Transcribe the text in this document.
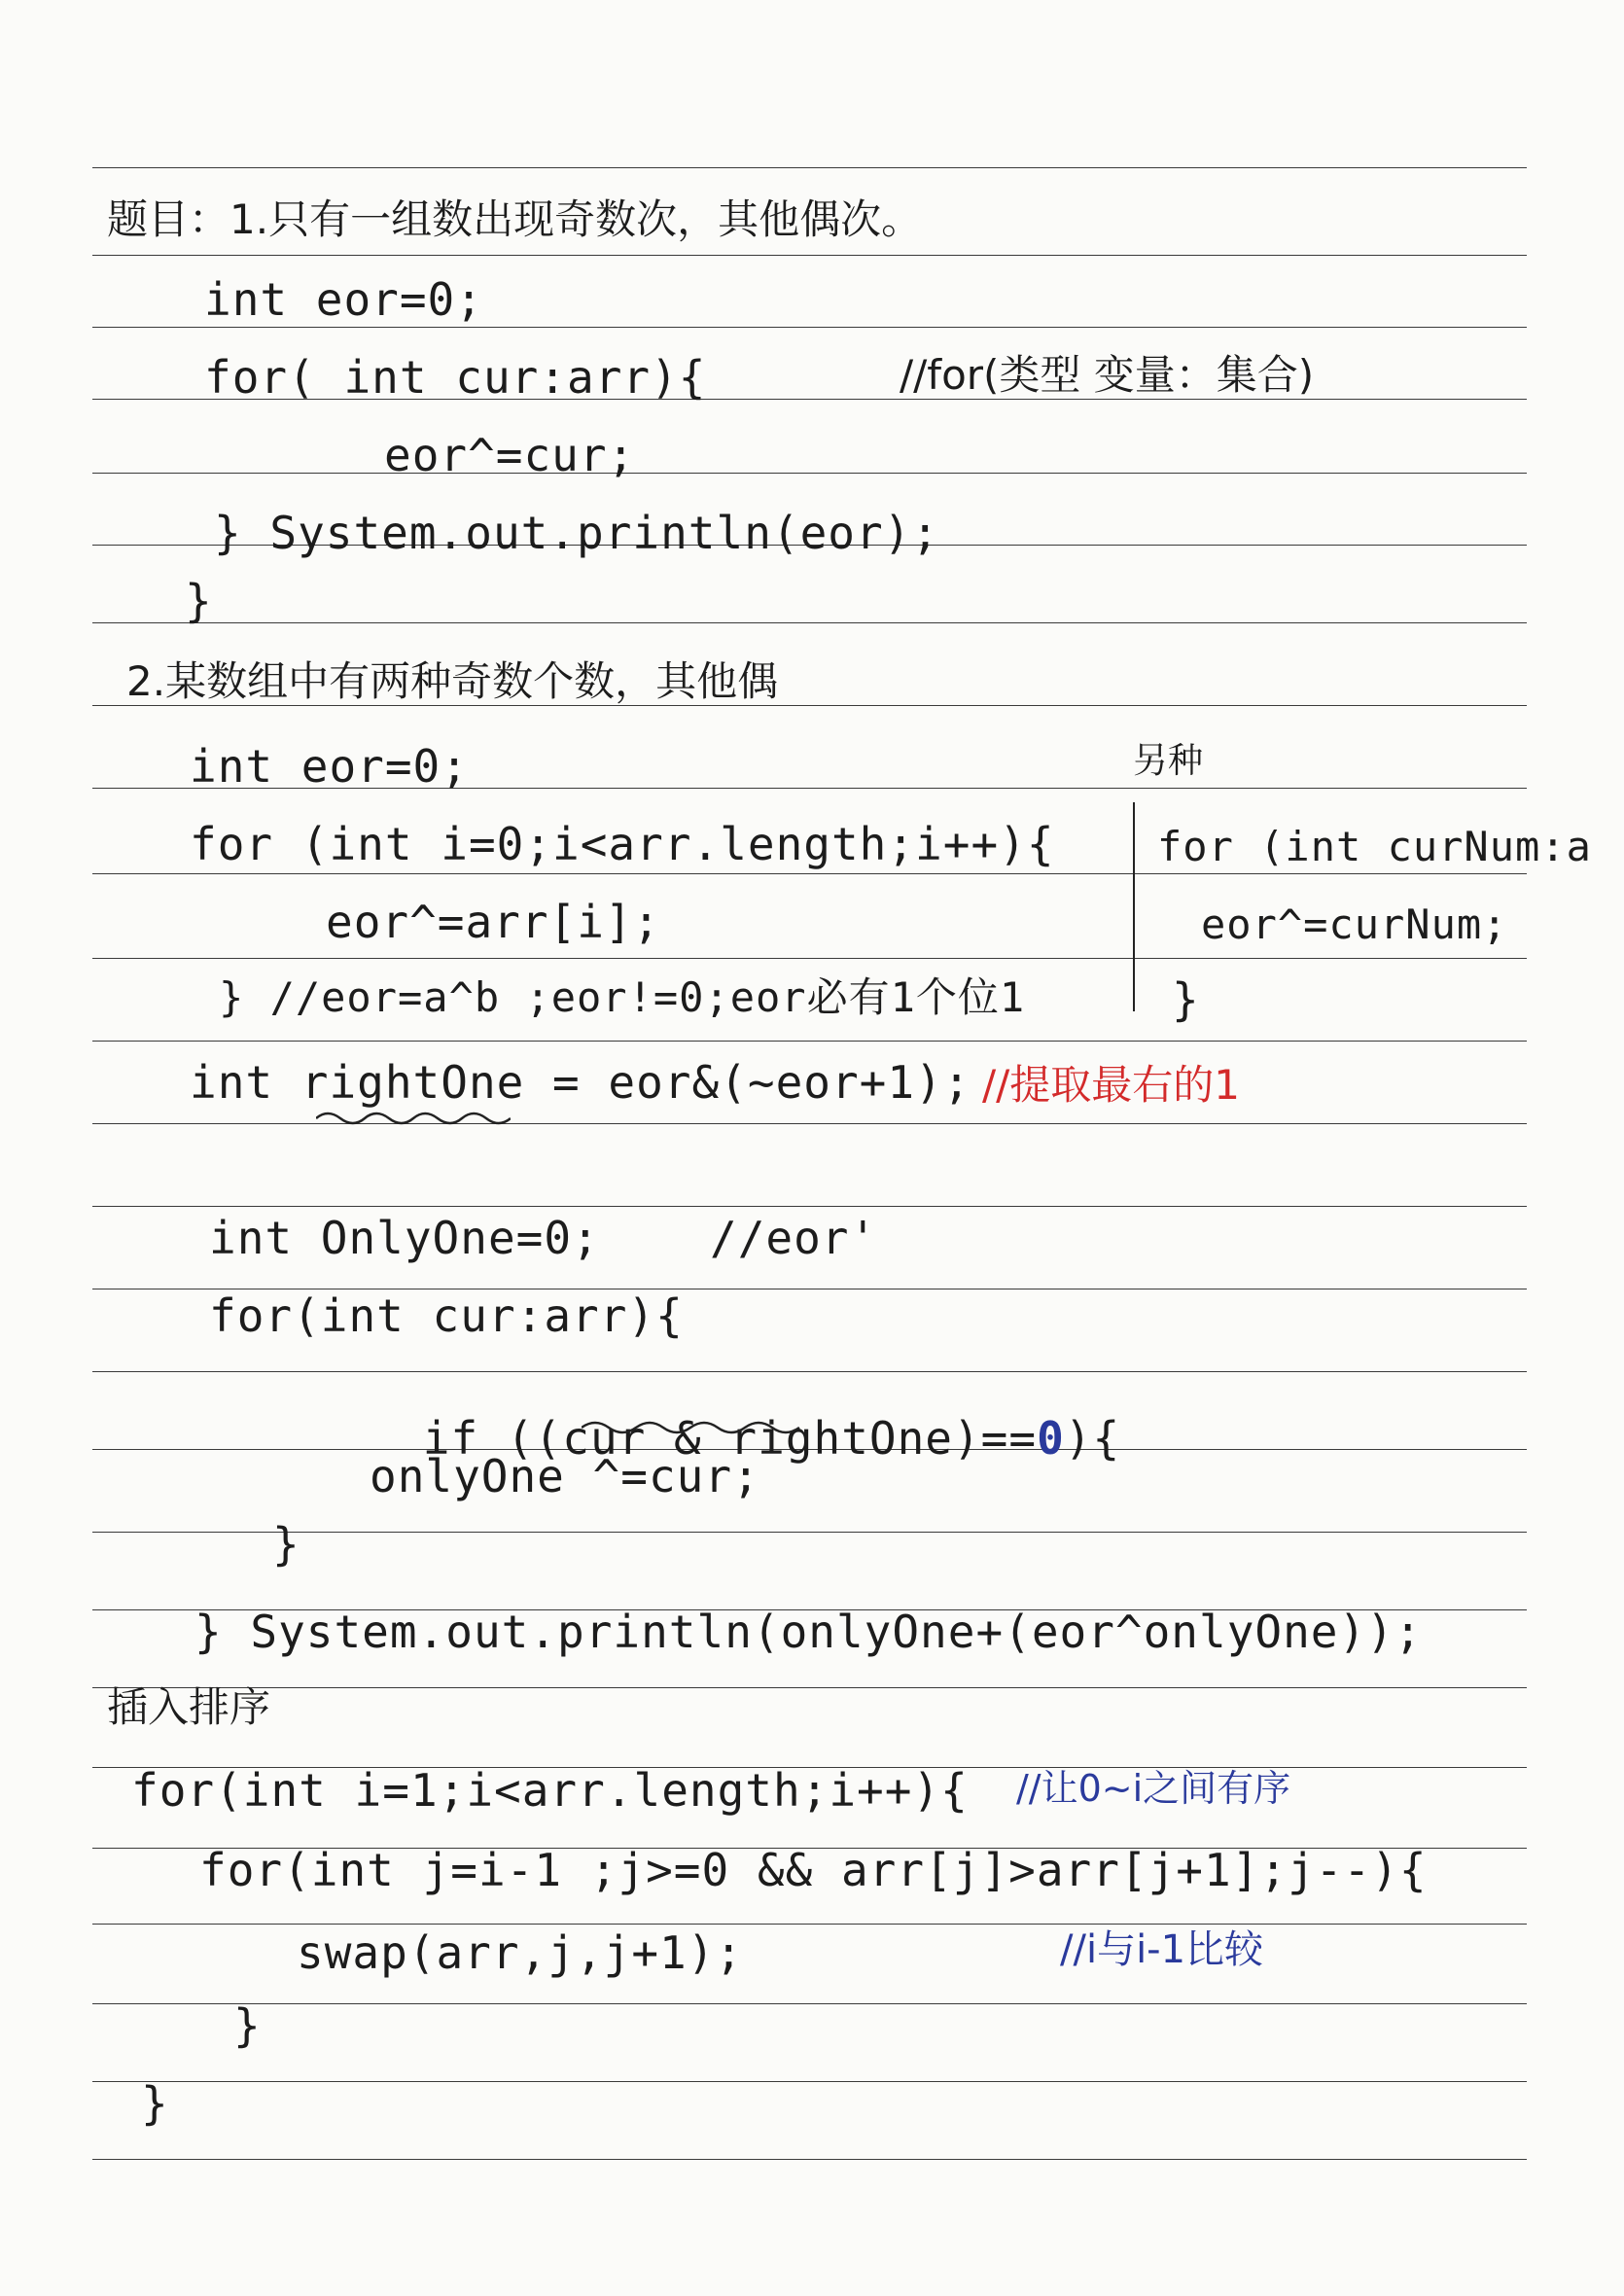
题目：1.只有一组数出现奇数次，其他偶次。
int eor=0;
for( int cur:arr){	//for(类型 变量：集合)
eor^=cur;
} System.out.println(eor);
}
2.某数组中有两种奇数个数，其他偶
int eor=0;	另种
for (int i=0;i<arr.length;i++){	for (int curNum:a
eor^=arr[i];	eor^=curNum;
} //eor=a^b ;eor!=0;eor必有1个位1	}
int rightOne = eor&(~eor+1); //提取最右的1
int OnlyOne=0; //eor'
for(int cur:arr){

if ((cur & rightOne)==0){

onlyOne ^=cur;
}
} System.out.println(onlyOne+(eor^onlyOne));
插入排序
for(int i=1;i<arr.length;i++){ //让0~i之间有序
for(int j=i-1 ;j>=0 && arr[j]>arr[j+1];j--){
swap(arr,j,j+1);	//i与i-1比较
}
}
